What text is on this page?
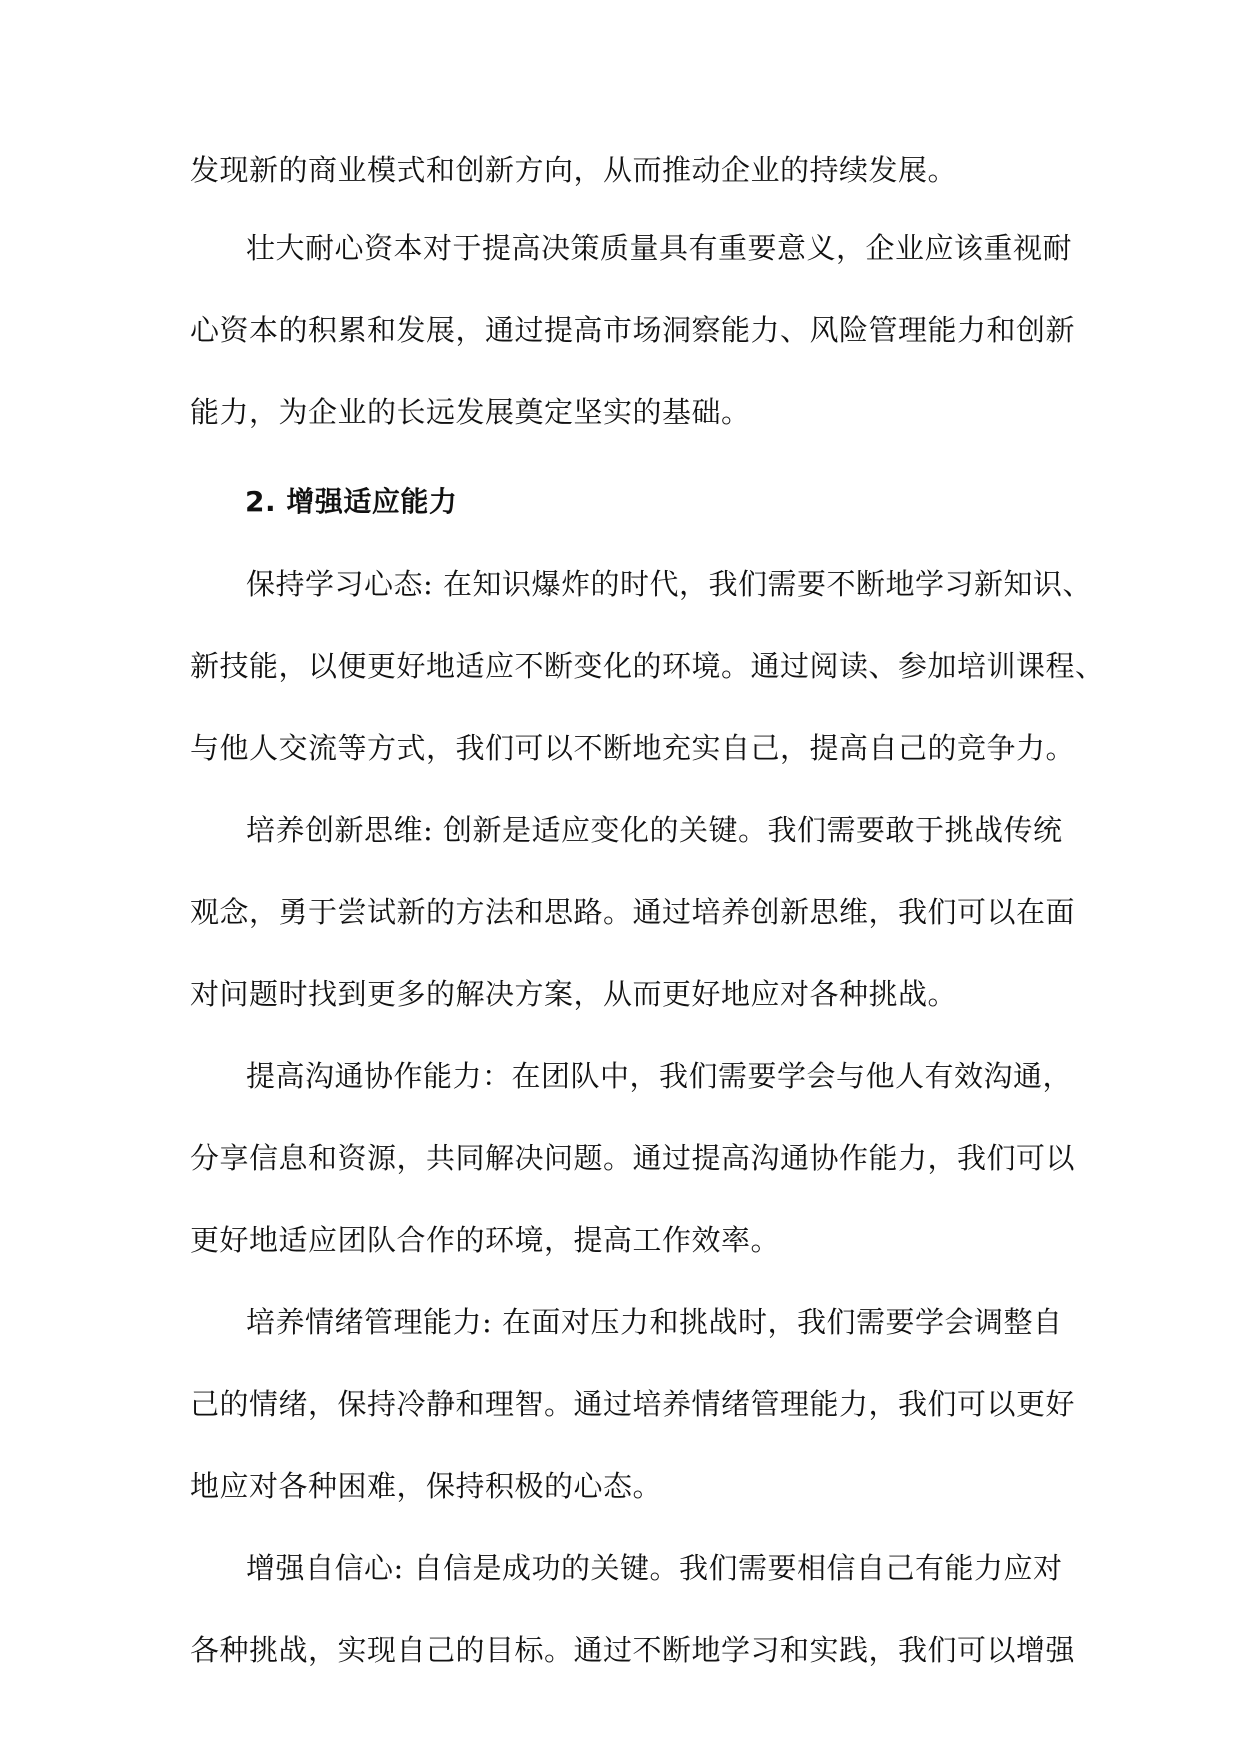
发现新的商业模式和创新方向，从而推动企业的持续发展。
壮大耐心资本对于提高决策质量具有重要意义，企业应该重视耐
心资本的积累和发展，通过提高市场洞察能力、风险管理能力和创新
能力，为企业的长远发展奠定坚实的基础。
2. 增强适应能力
保持学习心态: 在知识爆炸的时代，我们需要不断地学习新知识、
新技能，以便更好地适应不断变化的环境。通过阅读、参加培训课程、
与他人交流等方式，我们可以不断地充实自己，提高自己的竞争力。
培养创新思维: 创新是适应变化的关键。我们需要敢于挑战传统
观念，勇于尝试新的方法和思路。通过培养创新思维，我们可以在面
对问题时找到更多的解决方案，从而更好地应对各种挑战。
提高沟通协作能力：在团队中，我们需要学会与他人有效沟通，
分享信息和资源，共同解决问题。通过提高沟通协作能力，我们可以
更好地适应团队合作的环境，提高工作效率。
培养情绪管理能力: 在面对压力和挑战时，我们需要学会调整自
己的情绪，保持冷静和理智。通过培养情绪管理能力，我们可以更好
地应对各种困难，保持积极的心态。
增强自信心: 自信是成功的关键。我们需要相信自己有能力应对
各种挑战，实现自己的目标。通过不断地学习和实践，我们可以增强
